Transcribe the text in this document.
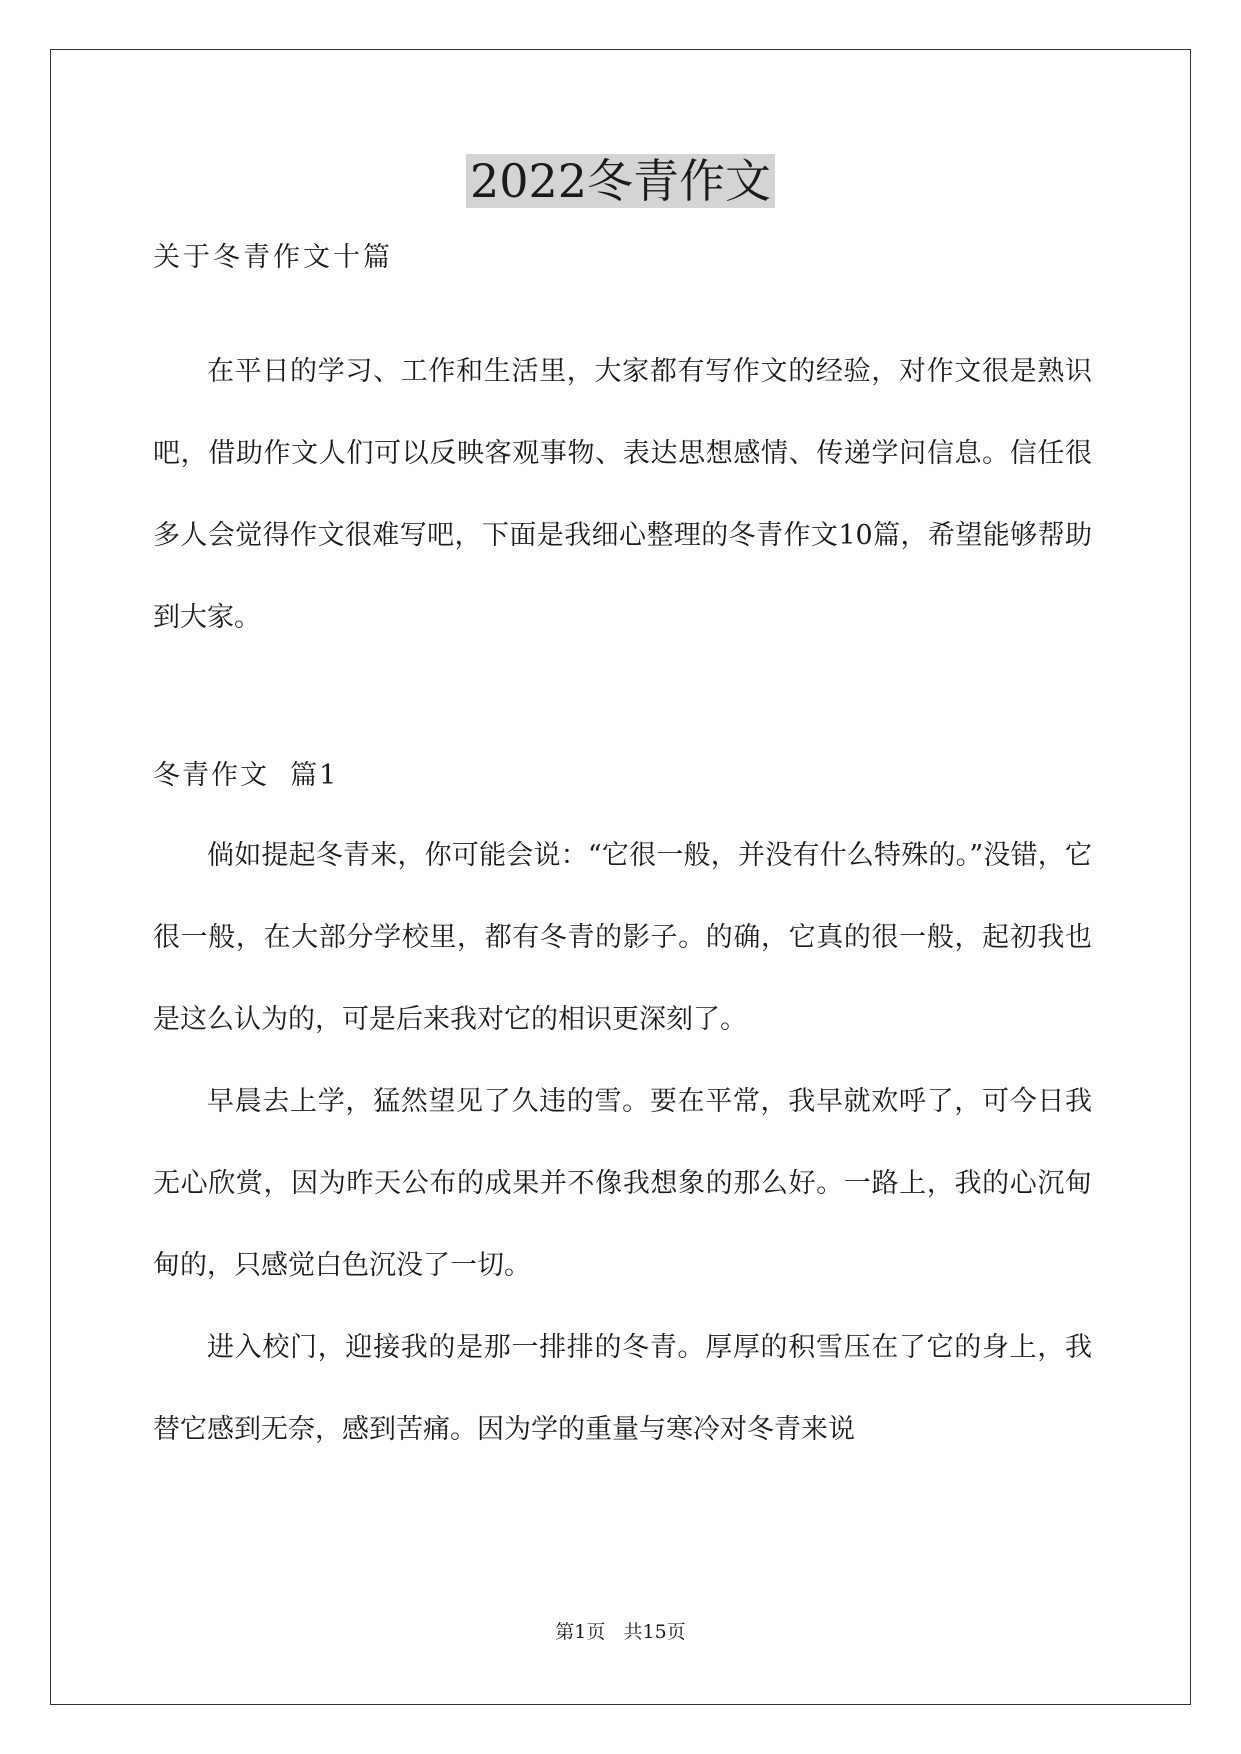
2022冬青作文
关于冬青作文十篇

在平日的学习、工作和生活里，大家都有写作文的经验，对作文很是熟识吧，借助作文人们可以反映客观事物、表达思想感情、传递学问信息。信任很多人会觉得作文很难写吧，下面是我细心整理的冬青作文10篇，希望能够帮助到大家。

冬青作文  篇1

倘如提起冬青来，你可能会说：“它很一般，并没有什么特殊的。”没错，它很一般，在大部分学校里，都有冬青的影子。的确，它真的很一般，起初我也是这么认为的，可是后来我对它的相识更深刻了。

早晨去上学，猛然望见了久违的雪。要在平常，我早就欢呼了，可今日我无心欣赏，因为昨天公布的成果并不像我想象的那么好。一路上，我的心沉甸甸的，只感觉白色沉没了一切。

进入校门，迎接我的是那一排排的冬青。厚厚的积雪压在了它的身上，我替它感到无奈，感到苦痛。因为学的重量与寒冷对冬青来说

第1页   共15页
